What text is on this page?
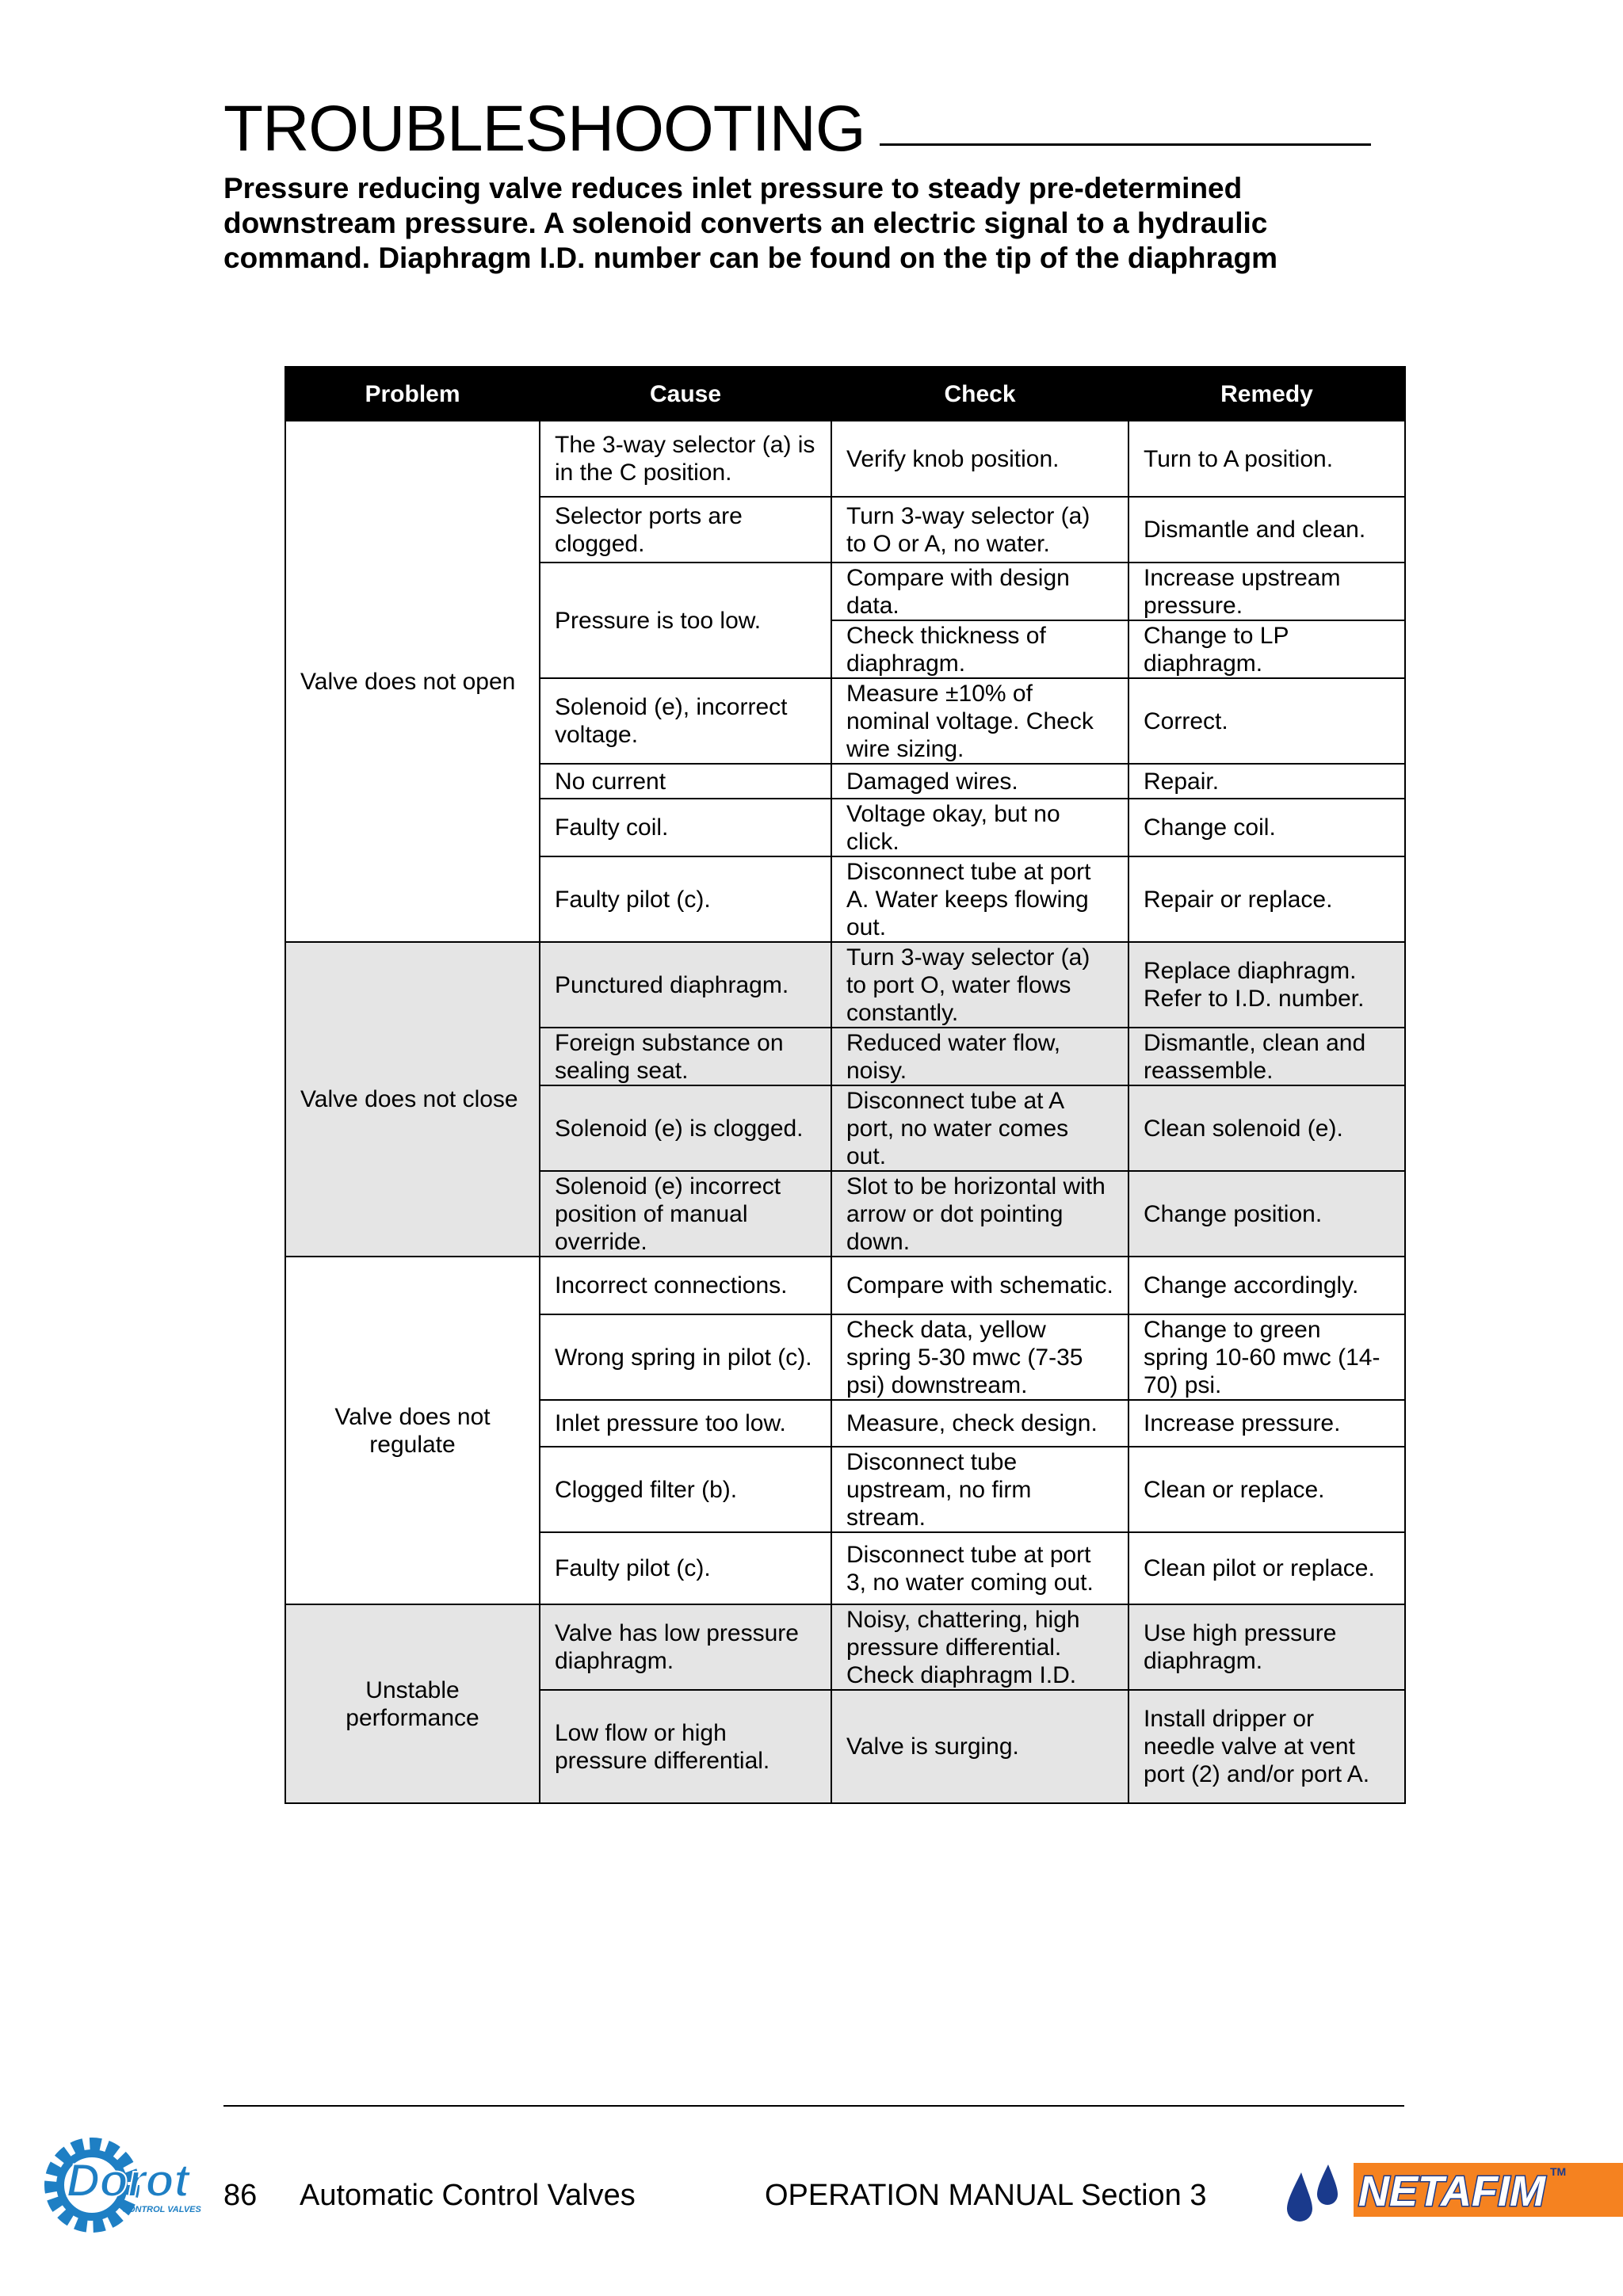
TROUBLESHOOTING
Pressure reducing valve reduces inlet pressure to steady pre-determined downstream pressure. A solenoid converts an electric signal to a hydraulic command. Diaphragm I.D. number can be found on the tip of the diaphragm
Problem	Cause	Check	Remedy
Valve does not open	The 3-way selector (a) is in the C position.	Verify knob position.	Turn to A position.
	Selector ports are clogged.	Turn 3-way selector (a) to O or A, no water.	Dismantle and clean.
	Pressure is too low.	Compare with design data.	Increase upstream pressure.
		Check thickness of diaphragm.	Change to LP diaphragm.
	Solenoid (e), incorrect voltage.	Measure ±10% of nominal voltage. Check wire sizing.	Correct.
	No current	Damaged wires.	Repair.
	Faulty coil.	Voltage okay, but no click.	Change coil.
	Faulty pilot (c).	Disconnect tube at port A. Water keeps flowing out.	Repair or replace.
Valve does not close	Punctured diaphragm.	Turn 3-way selector (a) to port O, water flows constantly.	Replace diaphragm. Refer to I.D. number.
	Foreign substance on sealing seat.	Reduced water flow, noisy.	Dismantle, clean and reassemble.
	Solenoid (e) is clogged.	Disconnect tube at A port, no water comes out.	Clean solenoid (e).
	Solenoid (e) incorrect position of manual override.	Slot to be horizontal with arrow or dot pointing down.	Change position.
Valve does not regulate	Incorrect connections.	Compare with schematic.	Change accordingly.
	Wrong spring in pilot (c).	Check data, yellow spring 5-30 mwc (7-35 psi) downstream.	Change to green spring 10-60 mwc (14-70) psi.
	Inlet pressure too low.	Measure, check design.	Increase pressure.
	Clogged filter (b).	Disconnect tube upstream, no firm stream.	Clean or replace.
	Faulty pilot (c).	Disconnect tube at port 3, no water coming out.	Clean pilot or replace.
Unstable performance	Valve has low pressure diaphragm.	Noisy, chattering, high pressure differential. Check diaphragm I.D.	Use high pressure diaphragm.
	Low flow or high pressure differential.	Valve is surging.	Install dripper or needle valve at vent port (2) and/or port A.
Dorot
CONTROL VALVES 86 Automatic Control Valves	OPERATION MANUAL Section 3	NETAFIM TM
